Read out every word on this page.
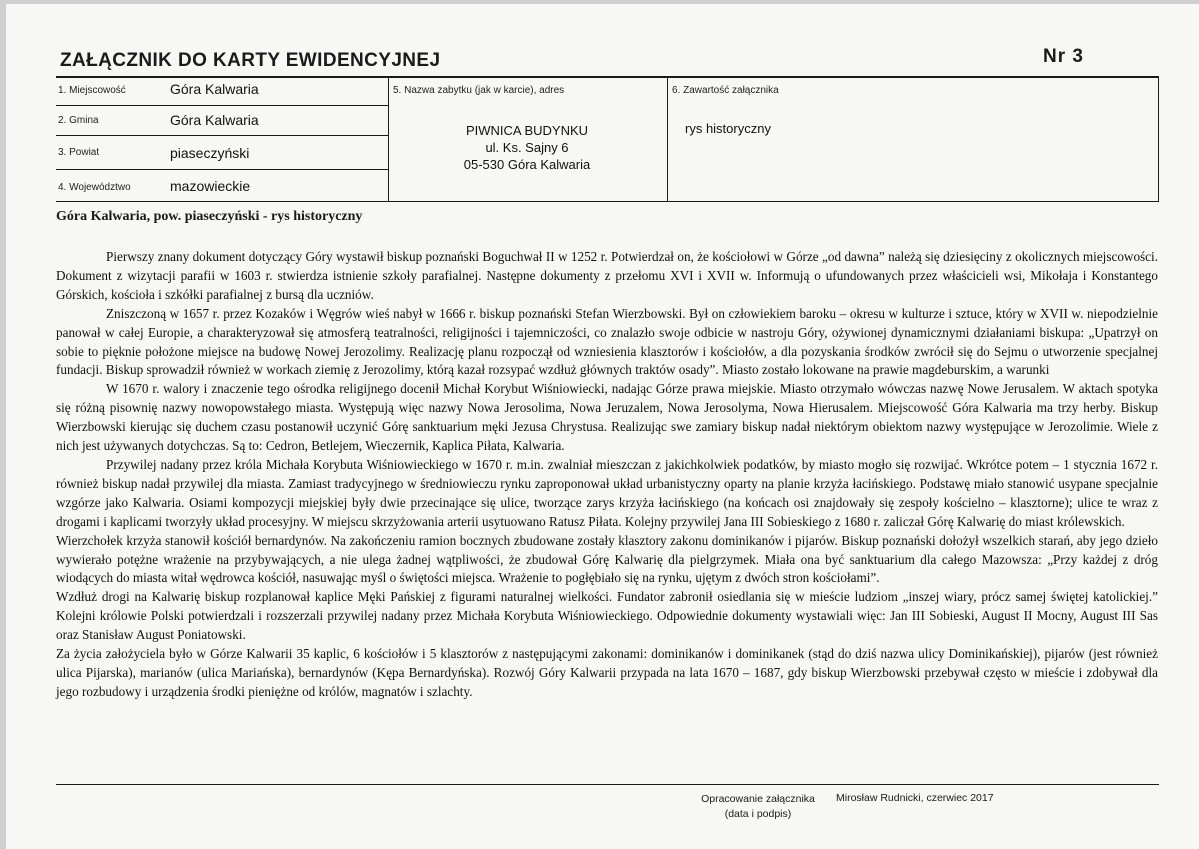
ZAŁĄCZNIK DO KARTY EWIDENCYJNEJ	Nr 3
1. Miejscowość	Góra Kalwaria
2. Gmina	Góra Kalwaria
3. Powiat	piaseczyński
4. Województwo	mazowieckie
5. Nazwa zabytku (jak w karcie), adres
PIWNICA BUDYNKU
ul. Ks. Sajny 6
05-530 Góra Kalwaria
6. Zawartość załącznika
rys historyczny
Góra Kalwaria, pow. piaseczyński - rys historyczny

Pierwszy znany dokument dotyczący Góry wystawił biskup poznański Boguchwał II w 1252 r. Potwierdzał on, że kościołowi w Górze „od dawna” należą się dziesięciny z okolicznych miejscowości. Dokument z wizytacji parafii w 1603 r. stwierdza istnienie szkoły parafialnej. Następne dokumenty z przełomu XVI i XVII w. Informują o ufundowanych przez właścicieli wsi, Mikołaja i Konstantego Górskich, kościoła i szkółki parafialnej z bursą dla uczniów.

Zniszczoną w 1657 r. przez Kozaków i Węgrów wieś nabył w 1666 r. biskup poznański Stefan Wierzbowski. Był on człowiekiem baroku – okresu w kulturze i sztuce, który w XVII w. niepodzielnie panował w całej Europie, a charakteryzował się atmosferą teatralności, religijności i tajemniczości, co znalazło swoje odbicie w nastroju Góry, ożywionej dynamicznymi działaniami biskupa: „Upatrzył on sobie to pięknie położone miejsce na budowę Nowej Jerozolimy. Realizację planu rozpoczął od wzniesienia klasztorów i kościołów, a dla pozyskania środków zwrócił się do Sejmu o utworzenie specjalnej fundacji. Biskup sprowadził również w workach ziemię z Jerozolimy, którą kazał rozsypać wzdłuż głównych traktów osady”. Miasto zostało lokowane na prawie magdeburskim, a warunki

W 1670 r. walory i znaczenie tego ośrodka religijnego docenił Michał Korybut Wiśniowiecki, nadając Górze prawa miejskie. Miasto otrzymało wówczas nazwę Nowe Jerusalem. W aktach spotyka się różną pisownię nazwy nowopowstałego miasta. Występują więc nazwy Nowa Jerosolima, Nowa Jeruzalem, Nowa Jerosolyma, Nowa Hierusalem. Miejscowość Góra Kalwaria ma trzy herby. Biskup Wierzbowski kierując się duchem czasu postanowił uczynić Górę sanktuarium męki Jezusa Chrystusa. Realizując swe zamiary biskup nadał niektórym obiektom nazwy występujące w Jerozolimie. Wiele z nich jest używanych dotychczas. Są to: Cedron, Betlejem, Wieczernik, Kaplica Piłata, Kalwaria.

Przywilej nadany przez króla Michała Korybuta Wiśniowieckiego w 1670 r. m.in. zwalniał mieszczan z jakichkolwiek podatków, by miasto mogło się rozwijać. Wkrótce potem – 1 stycznia 1672 r. również biskup nadał przywilej dla miasta. Zamiast tradycyjnego w średniowieczu rynku zaproponował układ urbanistyczny oparty na planie krzyża łacińskiego. Podstawę miało stanowić usypane specjalnie wzgórze jako Kalwaria. Osiami kompozycji miejskiej były dwie przecinające się ulice, tworzące zarys krzyża łacińskiego (na końcach osi znajdowały się zespoły kościelno – klasztorne); ulice te wraz z drogami i kaplicami tworzyły układ procesyjny. W miejscu skrzyżowania arterii usytuowano Ratusz Piłata. Kolejny przywilej Jana III Sobieskiego z 1680 r. zaliczał Górę Kalwarię do miast królewskich.

Wierzchołek krzyża stanowił kościół bernardynów. Na zakończeniu ramion bocznych zbudowane zostały klasztory zakonu dominikanów i pijarów. Biskup poznański dołożył wszelkich starań, aby jego dzieło wywierało potężne wrażenie na przybywających, a nie ulega żadnej wątpliwości, że zbudował Górę Kalwarię dla pielgrzymek. Miała ona być sanktuarium dla całego Mazowsza: „Przy każdej z dróg wiodących do miasta witał wędrowca kościół, nasuwając myśl o świętości miejsca. Wrażenie to pogłębiało się na rynku, ujętym z dwóch stron kościołami”.

Wzdłuż drogi na Kalwarię biskup rozplanował kaplice Męki Pańskiej z figurami naturalnej wielkości. Fundator zabronił osiedlania się w mieście ludziom „inszej wiary, prócz samej świętej katolickiej.” Kolejni królowie Polski potwierdzali i rozszerzali przywilej nadany przez Michała Korybuta Wiśniowieckiego. Odpowiednie dokumenty wystawiali więc: Jan III Sobieski, August II Mocny, August III Sas oraz Stanisław August Poniatowski.

Za życia założyciela było w Górze Kalwarii 35 kaplic, 6 kościołów i 5 klasztorów z następującymi zakonami: dominikanów i dominikanek (stąd do dziś nazwa ulicy Dominikańskiej), pijarów (jest również ulica Pijarska), marianów (ulica Mariańska), bernardynów (Kępa Bernardyńska). Rozwój Góry Kalwarii przypada na lata 1670 – 1687, gdy biskup Wierzbowski przebywał często w mieście i zdobywał dla jego rozbudowy i urządzenia środki pieniężne od królów, magnatów i szlachty.

Opracowanie załącznika
(data i podpis)
Mirosław Rudnicki, czerwiec 2017
